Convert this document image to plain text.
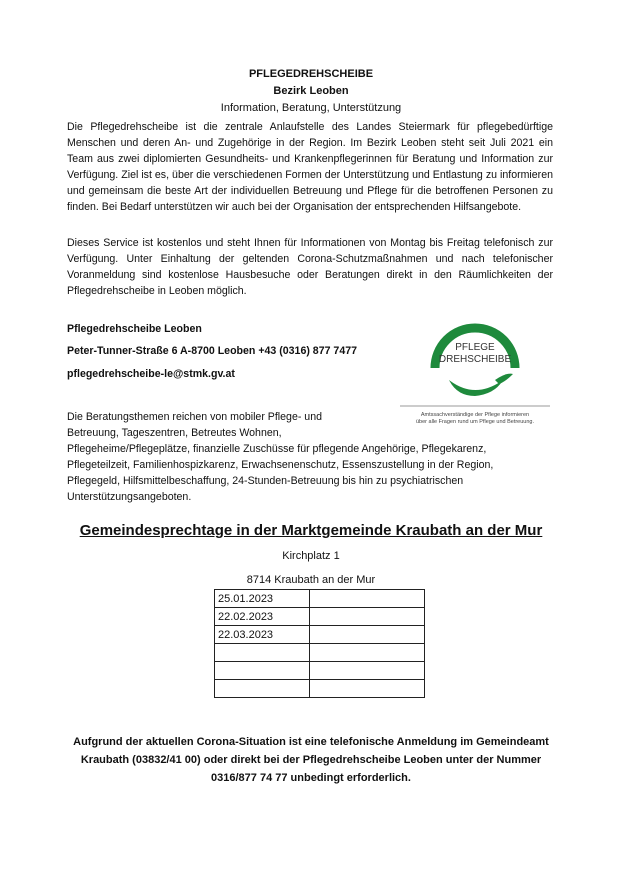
PFLEGEDREHSCHEIBE
Bezirk Leoben
Information, Beratung, Unterstützung

Die Pflegedrehscheibe ist die zentrale Anlaufstelle des Landes Steiermark für pflegebedürftige Menschen und deren An- und Zugehörige in der Region. Im Bezirk Leoben steht seit Juli 2021 ein Team aus zwei diplomierten Gesundheits- und Krankenpflegerinnen für Beratung und Information zur Verfügung. Ziel ist es, über die verschiedenen Formen der Unterstützung und Entlastung zu informieren und gemeinsam die beste Art der individuellen Betreuung und Pflege für die betroffenen Personen zu finden. Bei Bedarf unterstützen wir auch bei der Organisation der entsprechenden Hilfsangebote.

Dieses Service ist kostenlos und steht Ihnen für Informationen von Montag bis Freitag telefonisch zur Verfügung. Unter Einhaltung der geltenden Corona-Schutzmaßnahmen und nach telefonischer Voranmeldung sind kostenlose Hausbesuche oder Beratungen direkt in den Räumlichkeiten der Pflegedrehscheibe in Leoben möglich.

Pflegedrehscheibe Leoben
Peter-Tunner-Straße 6 A-8700 Leoben +43 (0316) 877 7477
pflegedrehscheibe-le@stmk.gv.at
PFLEGE
DREHSCHEIBE
Amtssachverständige der Pflege informieren
über alle Fragen rund um Pflege und Betreuung.
Die Beratungsthemen reichen von mobiler Pflege- und
Betreuung, Tageszentren, Betreutes Wohnen,
Pflegeheime/Pflegeplätze, finanzielle Zuschüsse für pflegende Angehörige, Pflegekarenz,
Pflegeteilzeit, Familienhospizkarenz, Erwachsenenschutz, Essenszustellung in der Region,
Pflegegeld, Hilfsmittelbeschaffung, 24-Stunden-Betreuung bis hin zu psychiatrischen
Unterstützungsangeboten.
Gemeindesprechtage in der Marktgemeinde Kraubath an der Mur
Kirchplatz 1
8714 Kraubath an der Mur
25.01.2023	
22.02.2023	
22.03.2023	

Aufgrund der aktuellen Corona-Situation ist eine telefonische Anmeldung im Gemeindeamt Kraubath (03832/41 00) oder direkt bei der Pflegedrehscheibe Leoben unter der Nummer 0316/877 74 77 unbedingt erforderlich.
